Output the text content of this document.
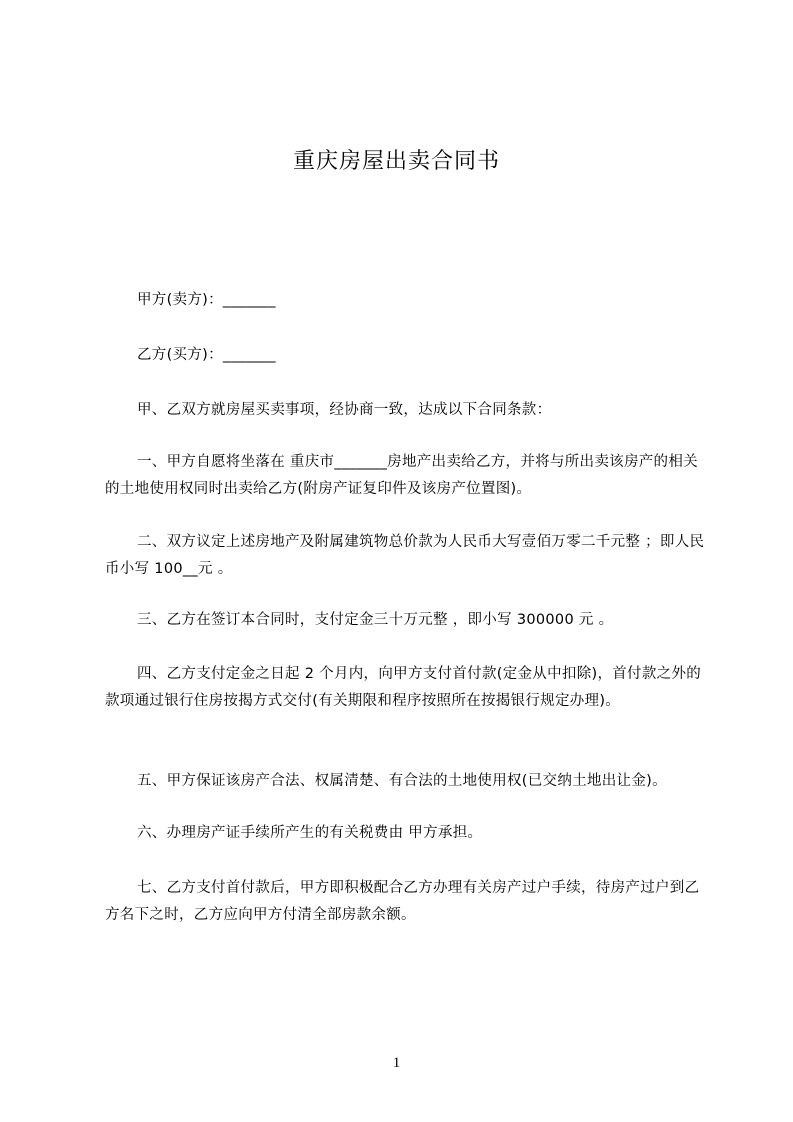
重庆房屋出卖合同书
甲方(卖方)：_______
乙方(买方)：_______
甲、乙双方就房屋买卖事项，经协商一致，达成以下合同条款：
一、甲方自愿将坐落在 重庆市_______房地产出卖给乙方，并将与所出卖该房产的相关的土地使用权同时出卖给乙方(附房产证复印件及该房产位置图)。
二、双方议定上述房地产及附属建筑物总价款为人民币大写壹佰万零二千元整 ；即人民币小写 100__元 。
三、乙方在签订本合同时，支付定金三十万元整 ，即小写 300000 元 。
四、乙方支付定金之日起 2 个月内，向甲方支付首付款(定金从中扣除)，首付款之外的款项通过银行住房按揭方式交付(有关期限和程序按照所在按揭银行规定办理)。
五、甲方保证该房产合法、权属清楚、有合法的土地使用权(已交纳土地出让金)。
六、办理房产证手续所产生的有关税费由 甲方承担。
七、乙方支付首付款后，甲方即积极配合乙方办理有关房产过户手续，待房产过户到乙方名下之时，乙方应向甲方付清全部房款余额。
1
